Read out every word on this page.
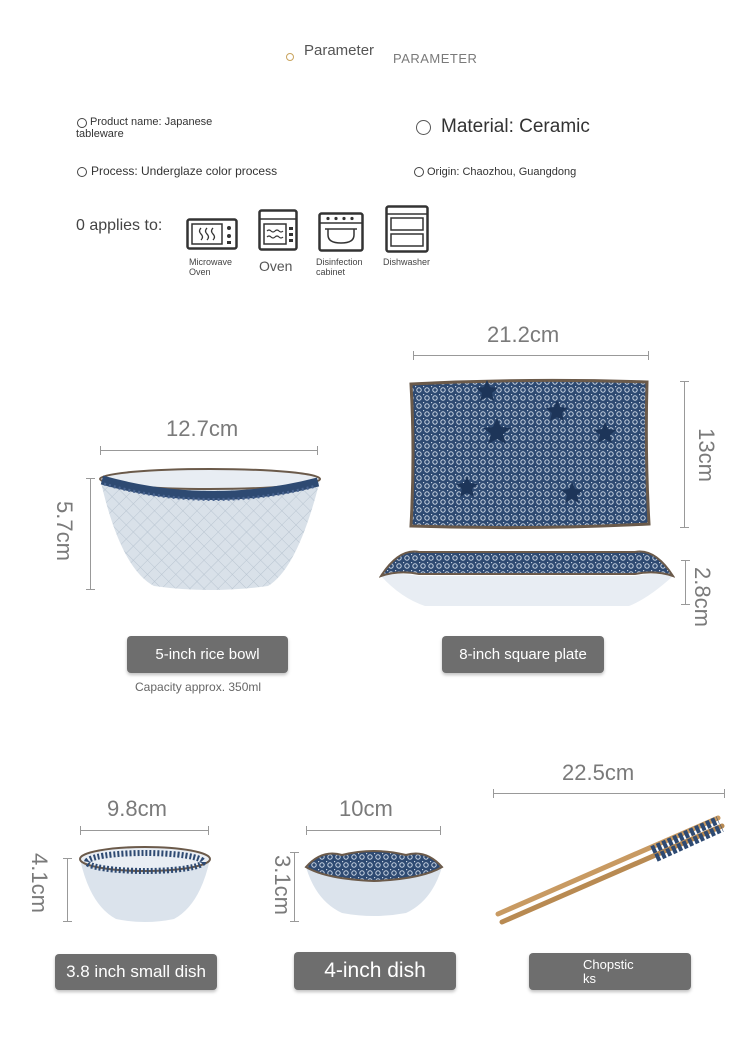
Parameter PARAMETER
Product name: Japanese tableware	Material: Ceramic
Process: Underglaze color process	Origin: Chaozhou, Guangdong
0 applies to:
Microwave Oven	Oven	Disinfection cabinet
Dishwasher
12.7cm
5.7cm
5-inch rice bowl
Capacity approx. 350ml
21.2cm
13cm
2.8cm
8-inch square plate
9.8cm
4.1cm
3.8 inch small dish
10cm
3.1cm
4-inch dish
22.5cm
Chopsticks
